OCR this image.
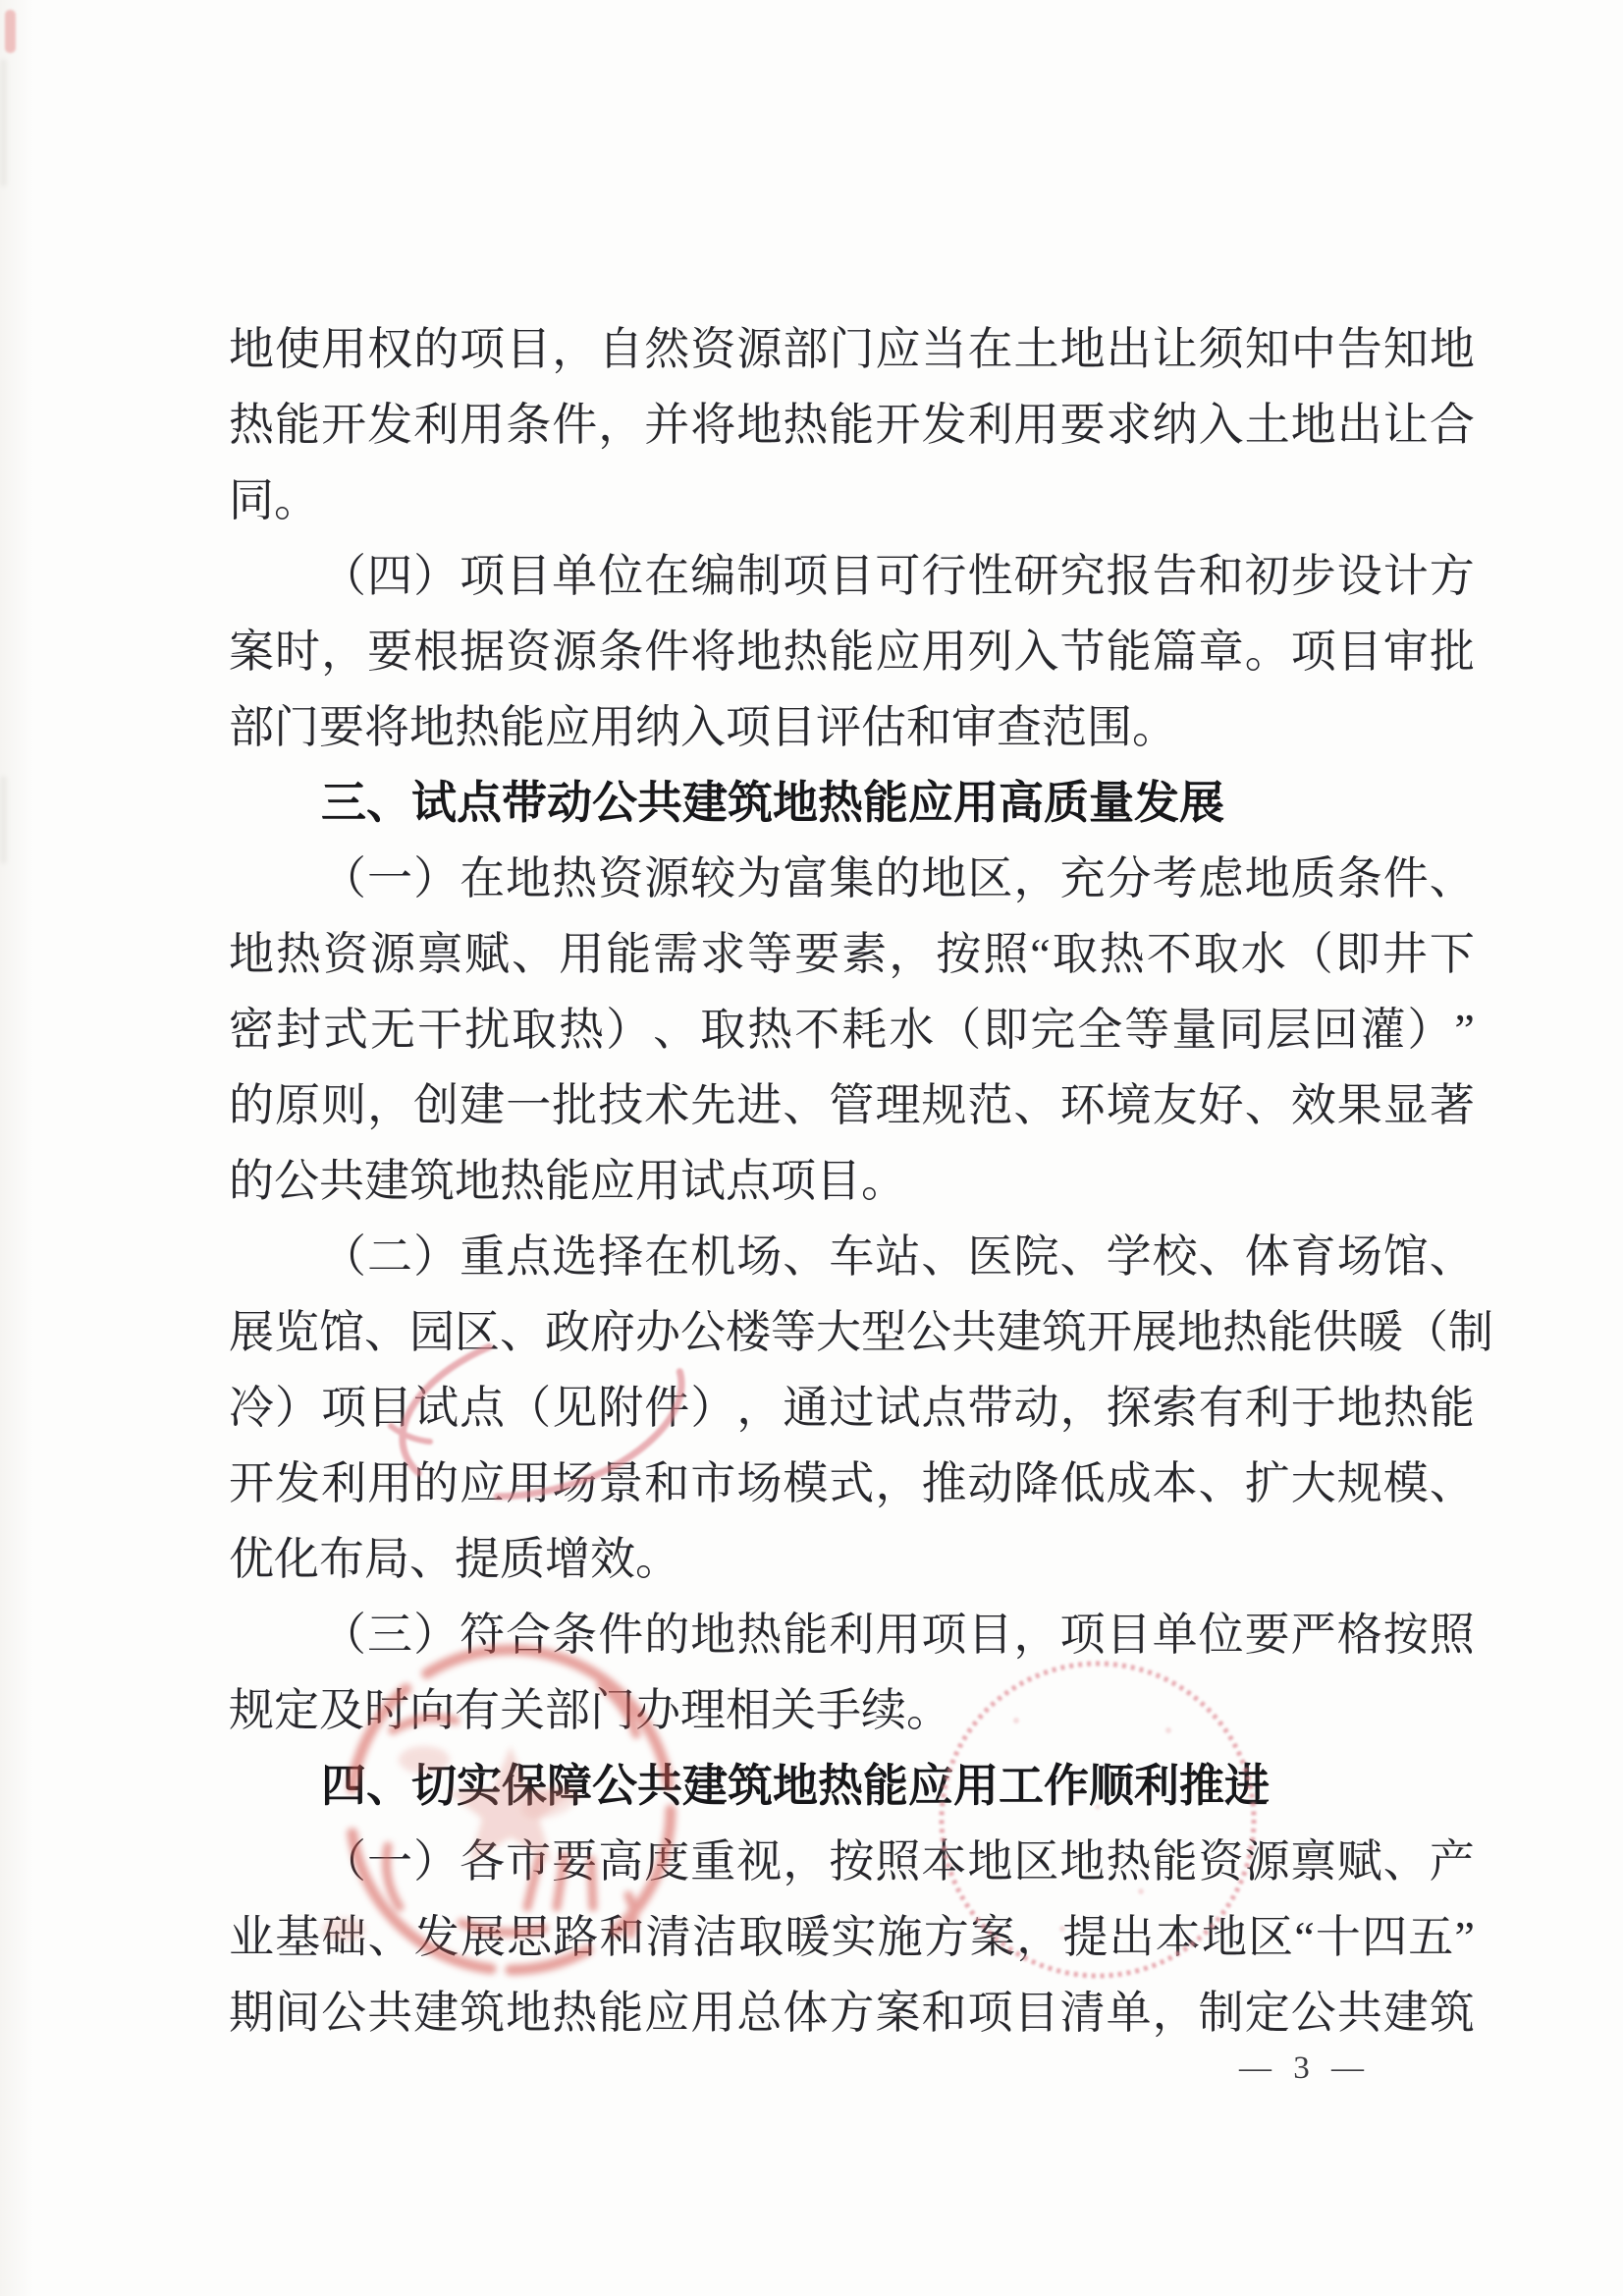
地 使 用 权 的 项 目 ， 自 然 资 源 部 门 应 当 在 土 地 出 让 须 知 中 告 知 地
热 能 开 发 利 用 条 件 ， 并 将 地 热 能 开 发 利 用 要 求 纳 入 土 地 出 让 合
同。
（ 四 ） 项 目 单 位 在 编 制 项 目 可 行 性 研 究 报 告 和 初 步 设 计 方
案 时 ， 要 根 据 资 源 条 件 将 地 热 能 应 用 列 入 节 能 篇 章 。 项 目 审 批
部门要将地热能应用纳入项目评估和审查范围。
三、试点带动公共建筑地热能应用高质量发展
（ 一 ） 在 地 热 资 源 较 为 富 集 的 地 区 ， 充 分 考 虑 地 质 条 件 、
地 热 资 源 禀 赋 、 用 能 需 求 等 要 素 ， 按 照 “ 取 热 不 取 水 （ 即 井 下
密 封 式 无 干 扰 取 热 ） 、 取 热 不 耗 水 （ 即 完 全 等 量 同 层 回 灌 ） ”
的 原 则 ， 创 建 一 批 技 术 先 进 、 管 理 规 范 、 环 境 友 好 、 效 果 显 著
的公共建筑地热能应用试点项目。
（ 二 ） 重 点 选 择 在 机 场 、 车 站 、 医 院 、 学 校 、 体 育 场 馆 、
展 览 馆 、 园 区 、 政 府 办 公 楼 等 大 型 公 共 建 筑 开 展 地 热 能 供 暖 （ 制
冷 ） 项 目 试 点 （ 见 附 件 ） ， 通 过 试 点 带 动 ， 探 索 有 利 于 地 热 能
开 发 利 用 的 应 用 场 景 和 市 场 模 式 ， 推 动 降 低 成 本 、 扩 大 规 模 、
优化布局、提质增效。
（ 三 ） 符 合 条 件 的 地 热 能 利 用 项 目 ， 项 目 单 位 要 严 格 按 照
规定及时向有关部门办理相关手续。
四、切实保障公共建筑地热能应用工作顺利推进
（ 一 ） 各 市 要 高 度 重 视 ， 按 照 本 地 区 地 热 能 资 源 禀 赋 、 产
业 基 础 、 发 展 思 路 和 清 洁 取 暖 实 施 方 案 ， 提 出 本 地 区 “ 十 四 五 ”
期 间 公 共 建 筑 地 热 能 应 用 总 体 方 案 和 项 目 清 单 ， 制 定 公 共 建 筑
— 3 —
